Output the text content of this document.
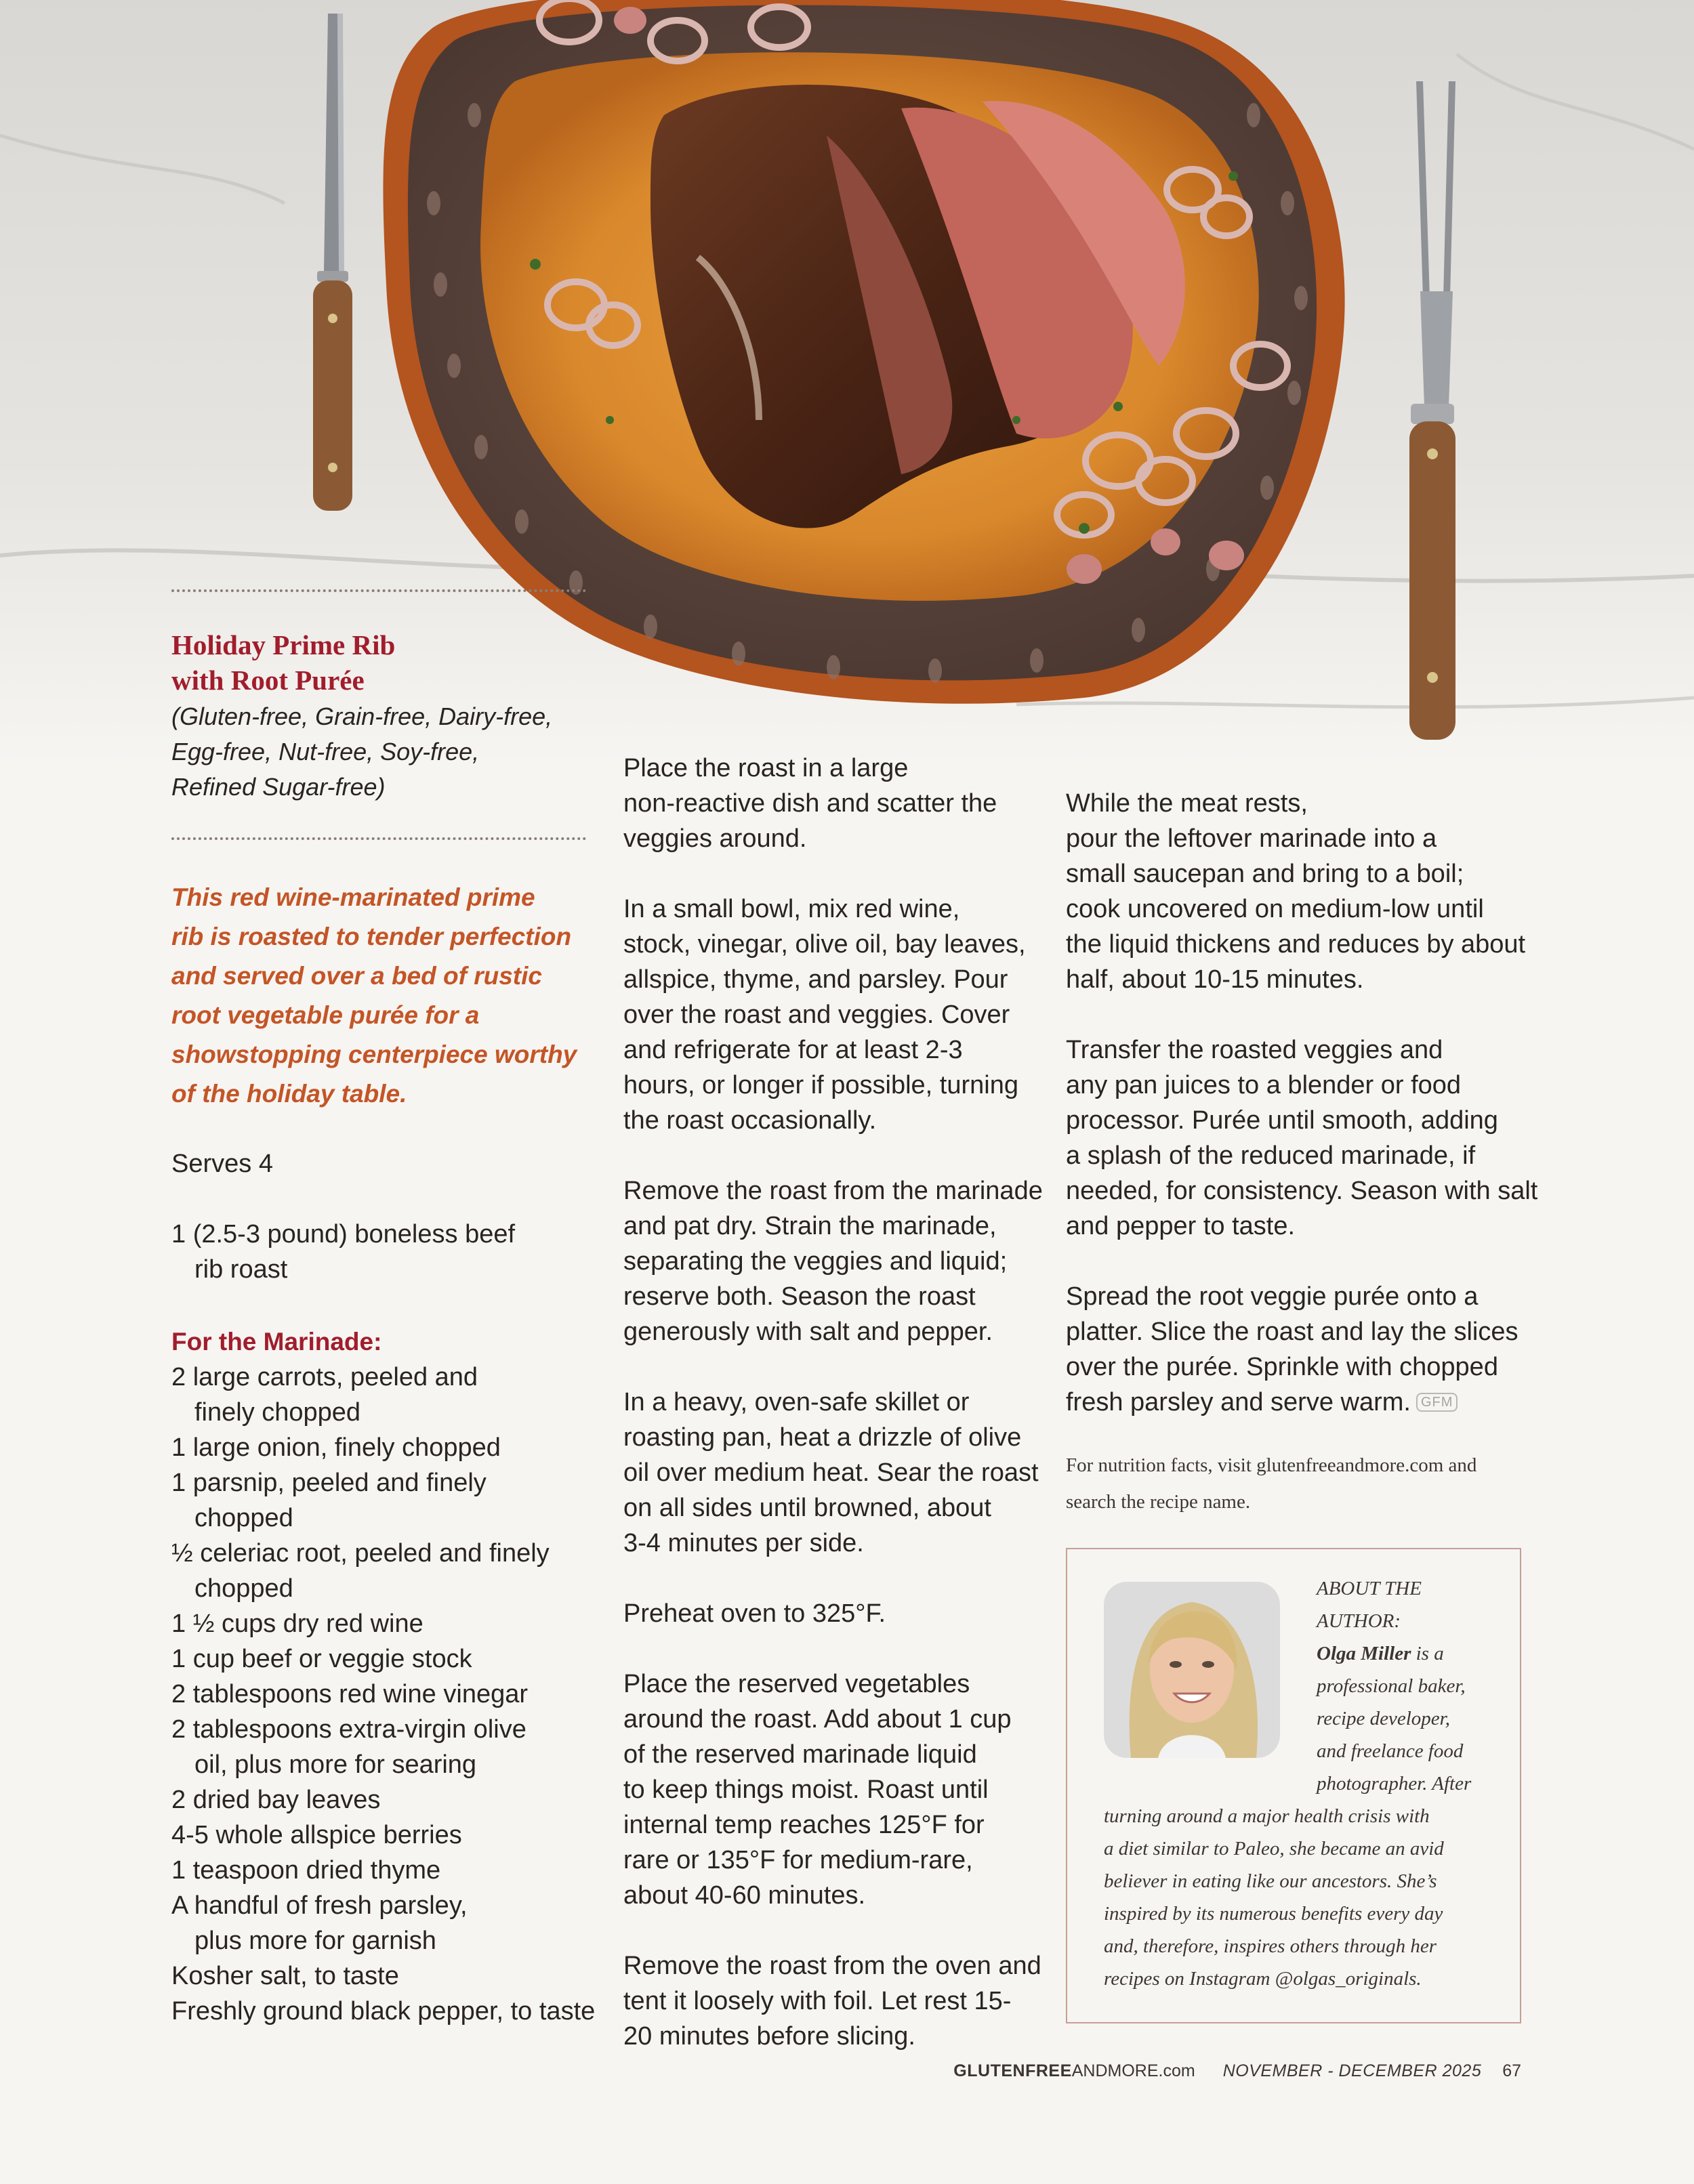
Holiday Prime Rib
with Root Purée
(Gluten-free, Grain-free, Dairy-free,
Egg-free, Nut-free, Soy-free,
Refined Sugar-free)
This red wine-marinated prime
rib is roasted to tender perfection
and served over a bed of rustic
root vegetable purée for a
showstopping centerpiece worthy
of the holiday table.
Serves 4
1 (2.5-3 pound) boneless beef
rib roast
For the Marinade:
2 large carrots, peeled and
finely chopped
1 large onion, finely chopped
1 parsnip, peeled and finely
chopped
½ celeriac root, peeled and finely
chopped
1 ½ cups dry red wine
1 cup beef or veggie stock
2 tablespoons red wine vinegar
2 tablespoons extra-virgin olive
oil, plus more for searing
2 dried bay leaves
4-5 whole allspice berries
1 teaspoon dried thyme
A handful of fresh parsley,
plus more for garnish
Kosher salt, to taste
Freshly ground black pepper, to taste

Place the roast in a large
non-reactive dish and scatter the
veggies around.

In a small bowl, mix red wine,
stock, vinegar, olive oil, bay leaves,
allspice, thyme, and parsley. Pour
over the roast and veggies. Cover
and refrigerate for at least 2-3
hours, or longer if possible, turning
the roast occasionally.

Remove the roast from the marinade
and pat dry. Strain the marinade,
separating the veggies and liquid;
reserve both. Season the roast
generously with salt and pepper.

In a heavy, oven-safe skillet or
roasting pan, heat a drizzle of olive
oil over medium heat. Sear the roast
on all sides until browned, about
3-4 minutes per side.

Preheat oven to 325°F.

Place the reserved vegetables
around the roast. Add about 1 cup
of the reserved marinade liquid
to keep things moist. Roast until
internal temp reaches 125°F for
rare or 135°F for medium-rare,
about 40-60 minutes.

Remove the roast from the oven and
tent it loosely with foil. Let rest 15-
20 minutes before slicing.

While the meat rests,
pour the leftover marinade into a
small saucepan and bring to a boil;
cook uncovered on medium-low until
the liquid thickens and reduces by about
half, about 10-15 minutes.

Transfer the roasted veggies and
any pan juices to a blender or food
processor. Purée until smooth, adding
a splash of the reduced marinade, if
needed, for consistency. Season with salt
and pepper to taste.

Spread the root veggie purée onto a
platter. Slice the roast and lay the slices
over the purée. Sprinkle with chopped
fresh parsley and serve warm. GFM

For nutrition facts, visit glutenfreeandmore.com and
search the recipe name.
ABOUT THE
AUTHOR:
Olga Miller is a
professional baker,
recipe developer,
and freelance food
photographer. After
turning around a major health crisis with
a diet similar to Paleo, she became an avid
believer in eating like our ancestors. She’s
inspired by its numerous benefits every day
and, therefore, inspires others through her
recipes on Instagram @olgas_originals.
GLUTENFREEANDMORE.com NOVEMBER - DECEMBER 2025 67
